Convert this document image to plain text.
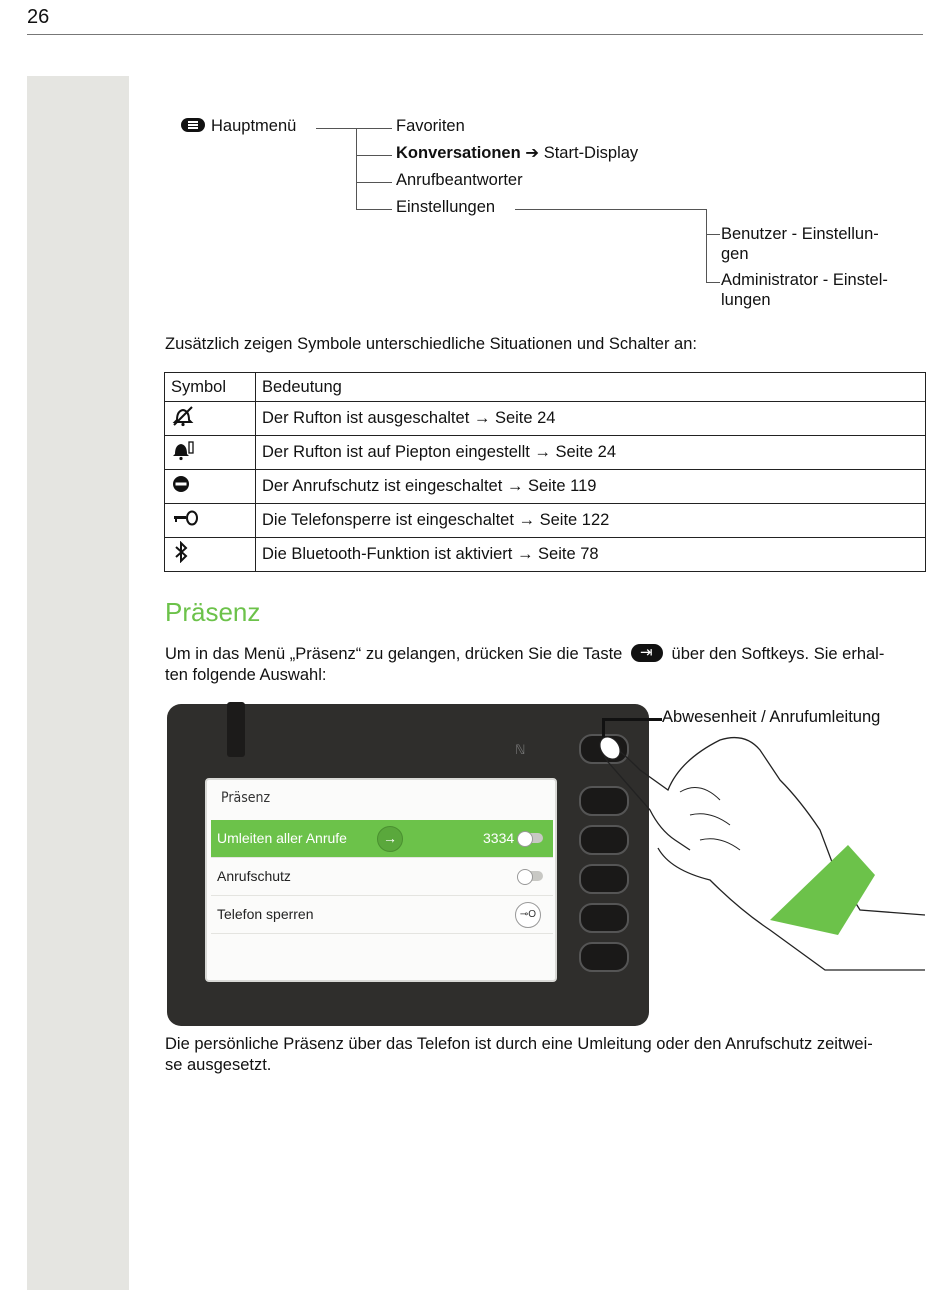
26
Hauptmenü	Favoriten
Konversationen ➔ Start-Display
Anrufbeantworter
Einstellungen
Benutzer - Einstellun-
gen
Administrator - Einstel-
lungen
Zusätzlich zeigen Symbole unterschiedliche Situationen und Schalter an:
Symbol	Bedeutung
	Der Rufton ist ausgeschaltet → Seite 24
	Der Rufton ist auf Piepton eingestellt → Seite 24
	Der Anrufschutz ist eingeschaltet → Seite 119
	Die Telefonsperre ist eingeschaltet → Seite 122
	Die Bluetooth-Funktion ist aktiviert → Seite 78
Präsenz
Um in das Menü „Präsenz“ zu gelangen, drücken Sie die Taste ⇥	über den Softkeys. Sie erhal-
ten folgende Auswahl:
ℕ
Präsenz
Umleiten aller Anrufe	→	3334
Anrufschutz
Telefon sperren	⊸O
Abwesenheit / Anrufumleitung
Die persönliche Präsenz über das Telefon ist durch eine Umleitung oder den Anrufschutz zeitwei-
se ausgesetzt.
